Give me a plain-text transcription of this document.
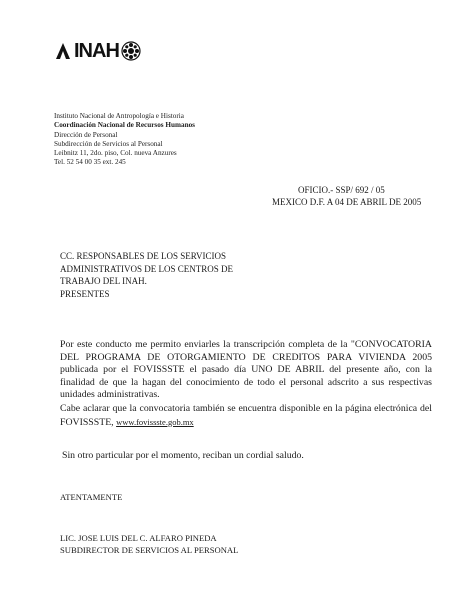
INAH
Instituto Nacional de Antropología e Historia
Coordinación Nacional de Recursos Humanos
Dirección de Personal
Subdirección de Servicios al Personal
Leibnitz 11, 2do. piso, Col. nueva Anzures
Tel. 52 54 00 35 ext. 245
OFICIO.- SSP/ 692 / 05
MEXICO D.F. A 04 DE ABRIL DE 2005
CC. RESPONSABLES DE LOS SERVICIOS
ADMINISTRATIVOS DE LOS CENTROS DE
TRABAJO DEL INAH.
PRESENTES
Por este conducto me permito enviarles la transcripción completa de la "CONVOCATORIA DEL PROGRAMA DE OTORGAMIENTO DE CREDITOS PARA VIVIENDA 2005 publicada por el FOVISSSTE el pasado día UNO DE ABRIL del presente año, con la finalidad de que la hagan del conocimiento de todo el personal adscrito a sus respectivas unidades administrativas.
Cabe aclarar que la convocatoria también se encuentra disponible en la página electrónica del FOVISSSTE, www.fovissste.gob.mx
Sin otro particular por el momento, reciban un cordial saludo.
ATENTAMENTE
LIC. JOSE LUIS DEL C. ALFARO PINEDA
SUBDIRECTOR DE SERVICIOS AL PERSONAL
